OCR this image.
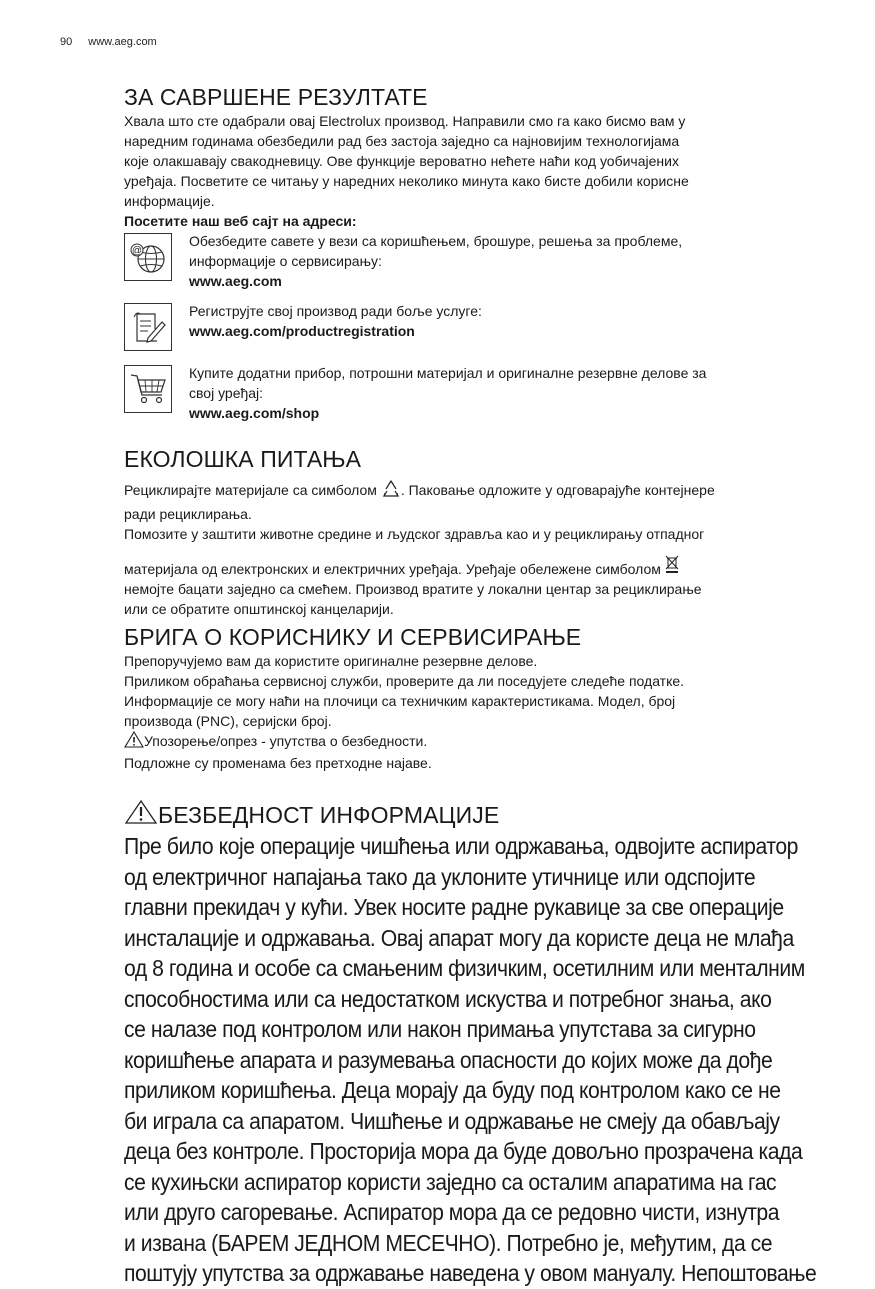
90 www.aeg.com
ЗА САВРШЕНЕ РЕЗУЛТАТЕ

Хвала што сте одабрали овај Electrolux производ. Направили смо га како бисмо вам у

наредним годинама обезбедили рад без застоја заједно са најновијим технологијама

које олакшавају свакодневицу. Ове функције вероватно нећете наћи код уобичајених

уређаја. Посветите се читању у наредних неколико минута како бисте добили корисне

информације.

Посетите наш веб сајт на адреси:

@

Обезбедите савете у вези са коришћењем, брошуре, решења за проблеме,

информације о сервисирању:

www.aeg.com

Региструјте свој производ ради боље услуге:

www.aeg.com/productregistration

Купите додатни прибор, потрошни материјал и оригиналне резервне делове за

свој уређај:

www.aeg.com/shop

ЕКОЛОШКА ПИТАЊА

Рециклирајте материјале са симболом . Паковање одложите у одговарајуће контејнере

ради рециклирања.

Помозите у заштити животне средине и људског здравља као и у рециклирању отпадног

материјала од електронских и електричних уређаја. Уређаје обележене симболом

немојте бацати заједно са смећем. Производ вратите у локални центар за рециклирање

или се обратите општинској канцеларији.

БРИГА О КОРИСНИКУ И СЕРВИСИРАЊЕ

Препоручујемо вам да користите оригиналне резервне делове.

Приликом обраћања сервисној служби, проверите да ли поседујете следеће податке.

Информације се могу наћи на плочици са техничким карактеристикама. Модел, број

производа (PNC), серијски број.

Упозорење/опрез - упутства о безбедности.

Подложне су променама без претходне најаве.

БЕЗБЕДНОСТ ИНФОРМАЦИЈЕ

Пре било које операције чишћења или одржавања, одвојите аспиратор

од електричног напајања тако да уклоните утичнице или одспојите

главни прекидач у кући. Увек носите радне рукавице за све операције

инсталације и одржавања. Овај апарат могу да користе деца не млађа

од 8 година и особе са смањеним физичким, осетилним или менталним

способностима или са недостатком искуства и потребног знања, ако

се налазе под контролом или након примања упутстава за сигурно

коришћење апарата и разумевања опасности до којих може да дође

приликом коришћења. Деца морају да буду под контролом како се не

би играла са апаратом. Чишћење и одржавање не смеју да обављају

деца без контроле. Просторија мора да буде довољно прозрачена када

се кухињски аспиратор користи заједно са осталим апаратима на гас

или друго сагоревање. Аспиратор мора да се редовно чисти, изнутра

и извана (БАРЕМ ЈЕДНОМ МЕСЕЧНО). Потребно је, међутим, да се

поштују упутства за одржавање наведена у овом мануалу. Непоштовање
